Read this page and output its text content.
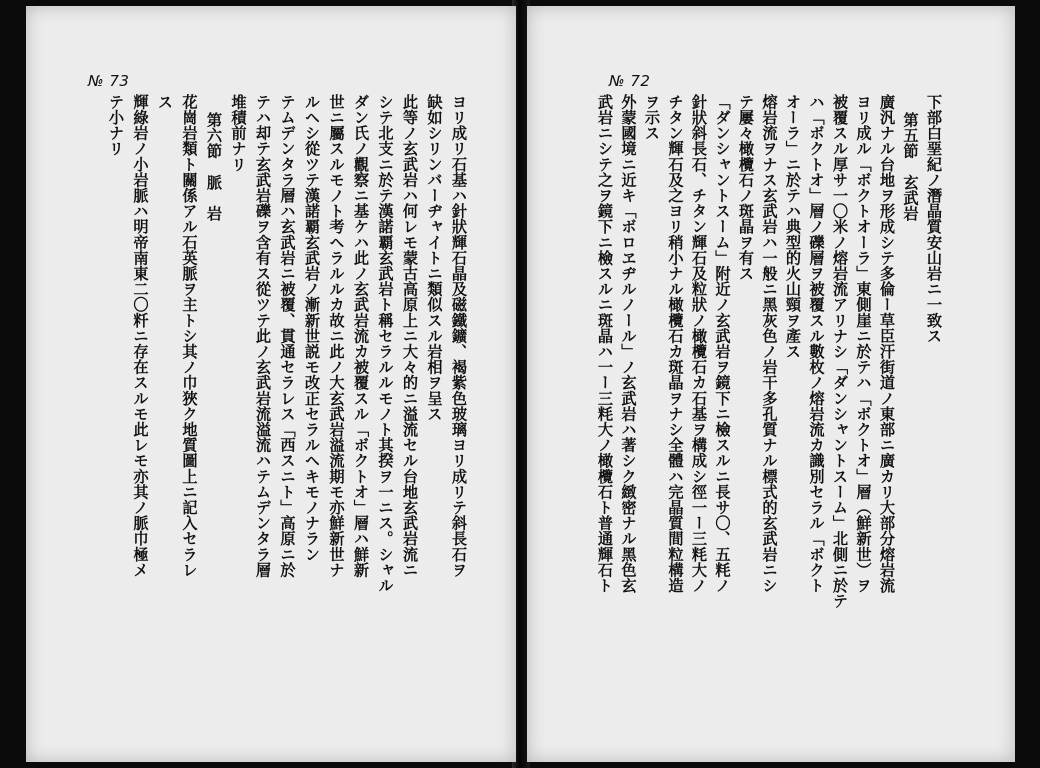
№ 73
ヨリ成リ石基ハ針狀輝石晶及磁鐵鑛、褐紫色玻璃ヨリ成リテ斜長石ヲ
缺如シリンバーヂャイトニ類似スル岩相ヲ呈ス
此等ノ玄武岩ハ何レモ蒙古高原上ニ大々的ニ溢流セル台地玄武岩流ニ
シテ北支ニ於テ漢諾覇玄武岩ト稱セラルルモノト其揆ヲ一ニス。シャル
ダン氏ノ觀察ニ基ケハ此ノ玄武岩流カ被覆スル「ボクトオ」層ハ鮮新
世ニ屬スルモノト考ヘラルルカ故ニ此ノ大玄武岩溢流期モ亦鮮新世ナ
ルヘシ從ツテ漢諾覇玄武岩ノ漸新世説モ改正セラルヘキモノナラン
テムデンタラ層ハ玄武岩ニ被覆、貫通セラレス「西スニト」高原ニ於
テハ却テ玄武岩礫ヲ含有ス從ツテ此ノ玄武岩流溢流ハテムデンタラ層
堆積前ナリ
第六節　脈　岩
花崗岩類ト關係アル石英脈ヲ主トシ其ノ巾狹ク地質圖上ニ記入セラレ
ス
輝綠岩ノ小岩脈ハ明帝南東二〇粁ニ存在スルモ此レモ亦其ノ脈巾極メ
テ小ナリ
№ 72
下部白堊紀ノ潛晶質安山岩ニ一致ス
第五節　玄武岩
廣汎ナル台地ヲ形成シテ多倫ー草臣汗街道ノ東部ニ廣カリ大部分熔岩流
ヨリ成ル「ボクトオーラ」東側崖ニ於テハ「ボクトオ」層（鮮新世）ヲ
被覆スル厚サ一〇米ノ熔岩流アリナシ「ダンシャントスーム」北側ニ於テ
ハ「ボクトオ」層ノ礫層ヲ被覆スル數枚ノ熔岩流カ識別セラル「ボクト
オーラ」ニ於テハ典型的火山頸ヲ產ス
熔岩流ヲナス玄武岩ハ一般ニ黑灰色ノ岩干多孔質ナル標式的玄武岩ニシ
テ屢々橄欖石ノ斑晶ヲ有ス
「ダンシャントスーム」附近ノ玄武岩ヲ鏡下ニ檢スルニ長サ〇、五粍ノ
針狀斜長石、チタン輝石及粒狀ノ橄欖石カ石基ヲ構成シ徑一ー三粍大ノ
チタン輝石及之ヨリ稍小ナル橄欖石カ斑晶ヲナシ全體ハ完晶質間粒構造
ヲ示ス
外蒙國境ニ近キ「ボロヱヂルノール」ノ玄武岩ハ著シク緻密ナル黑色玄
武岩ニシテ之ヲ鏡下ニ檢スルニ斑晶ハ一ー三粍大ノ橄欖石ト普通輝石ト
